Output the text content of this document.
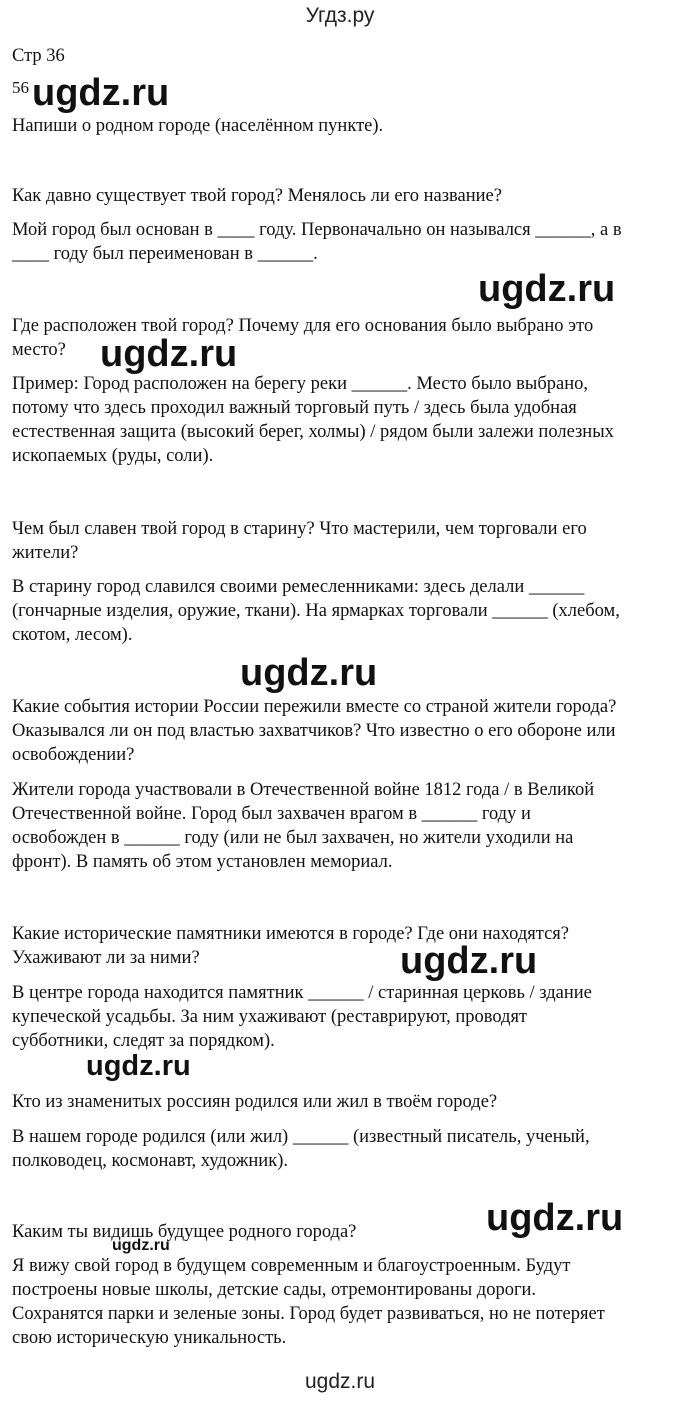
Угдз.ру
Стр 36
56
Напиши о родном городе (населённом пункте).
Как давно существует твой город? Менялось ли его название?
Мой город был основан в ____ году. Первоначально он назывался ______, а в
____ году был переименован в ______.
Где расположен твой город? Почему для его основания было выбрано это
место?
Пример: Город расположен на берегу реки ______. Место было выбрано,
потому что здесь проходил важный торговый путь / здесь была удобная
естественная защита (высокий берег, холмы) / рядом были залежи полезных
ископаемых (руды, соли).
Чем был славен твой город в старину? Что мастерили, чем торговали его
жители?
В старину город славился своими ремесленниками: здесь делали ______
(гончарные изделия, оружие, ткани). На ярмарках торговали ______ (хлебом,
скотом, лесом).
Какие события истории России пережили вместе со страной жители города?
Оказывался ли он под властью захватчиков? Что известно о его обороне или
освобождении?
Жители города участвовали в Отечественной войне 1812 года / в Великой
Отечественной войне. Город был захвачен врагом в ______ году и
освобожден в ______ году (или не был захвачен, но жители уходили на
фронт). В память об этом установлен мемориал.
Какие исторические памятники имеются в городе? Где они находятся?
Ухаживают ли за ними?
В центре города находится памятник ______ / старинная церковь / здание
купеческой усадьбы. За ним ухаживают (реставрируют, проводят
субботники, следят за порядком).
Кто из знаменитых россиян родился или жил в твоём городе?
В нашем городе родился (или жил) ______ (известный писатель, ученый,
полководец, космонавт, художник).
Каким ты видишь будущее родного города?
Я вижу свой город в будущем современным и благоустроенным. Будут
построены новые школы, детские сады, отремонтированы дороги.
Сохранятся парки и зеленые зоны. Город будет развиваться, но не потеряет
свою историческую уникальность.
ugdz.ru
ugdz.ru
ugdz.ru
ugdz.ru
ugdz.ru
ugdz.ru
ugdz.ru
ugdz.ru
ugdz.ru
